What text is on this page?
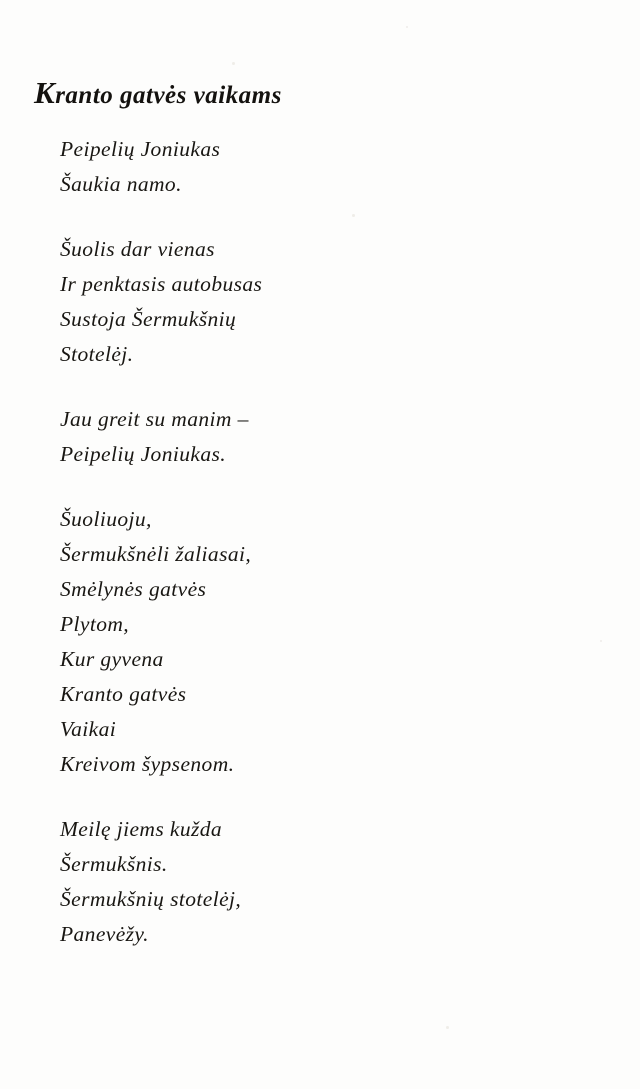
Kranto gatvės vaikams
Peipelių Joniukas
Šaukia namo.
Šuolis dar vienas
Ir penktasis autobusas
Sustoja Šermukšnių
Stotelėj.
Jau greit su manim –
Peipelių Joniukas.
Šuoliuoju,
Šermukšnėli žaliasai,
Smėlynės gatvės
Plytom,
Kur gyvena
Kranto gatvės
Vaikai
Kreivom šypsenom.
Meilę jiems kužda
Šermukšnis.
Šermukšnių stotelėj,
Panevėžy.
